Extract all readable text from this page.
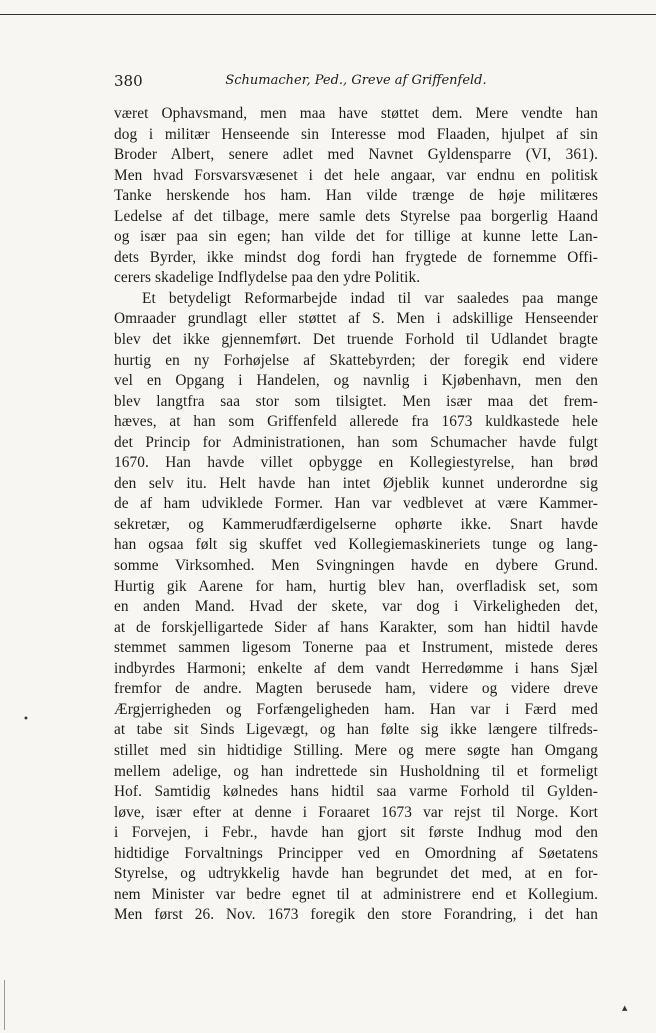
380	Schumacher, Ped., Greve af Griffenfeld.
været Ophavsmand, men maa have støttet dem. Mere vendte han
dog i militær Henseende sin Interesse mod Flaaden, hjulpet af sin
Broder Albert, senere adlet med Navnet Gyldensparre (VI, 361).
Men hvad Forsvarsvæsenet i det hele angaar, var endnu en politisk
Tanke herskende hos ham. Han vilde trænge de høje militæres
Ledelse af det tilbage, mere samle dets Styrelse paa borgerlig Haand
og især paa sin egen; han vilde det for tillige at kunne lette Lan-
dets Byrder, ikke mindst dog fordi han frygtede de fornemme Offi-
cerers skadelige Indflydelse paa den ydre Politik.
Et betydeligt Reformarbejde indad til var saaledes paa mange
Omraader grundlagt eller støttet af S. Men i adskillige Henseender
blev det ikke gjennemført. Det truende Forhold til Udlandet bragte
hurtig en ny Forhøjelse af Skattebyrden; der foregik end videre
vel en Opgang i Handelen, og navnlig i Kjøbenhavn, men den
blev langtfra saa stor som tilsigtet. Men især maa det frem-
hæves, at han som Griffenfeld allerede fra 1673 kuldkastede hele
det Princip for Administrationen, han som Schumacher havde fulgt
1670. Han havde villet opbygge en Kollegiestyrelse, han brød
den selv itu. Helt havde han intet Øjeblik kunnet underordne sig
de af ham udviklede Former. Han var vedblevet at være Kammer-
sekretær, og Kammerudfærdigelserne ophørte ikke. Snart havde
han ogsaa følt sig skuffet ved Kollegiemaskineriets tunge og lang-
somme Virksomhed. Men Svingningen havde en dybere Grund.
Hurtig gik Aarene for ham, hurtig blev han, overfladisk set, som
en anden Mand. Hvad der skete, var dog i Virkeligheden det,
at de forskjelligartede Sider af hans Karakter, som han hidtil havde
stemmet sammen ligesom Tonerne paa et Instrument, mistede deres
indbyrdes Harmoni; enkelte af dem vandt Herredømme i hans Sjæl
fremfor de andre. Magten berusede ham, videre og videre dreve
Ærgjerrigheden og Forfængeligheden ham. Han var i Færd med
at tabe sit Sinds Ligevægt, og han følte sig ikke længere tilfreds-
stillet med sin hidtidige Stilling. Mere og mere søgte han Omgang
mellem adelige, og han indrettede sin Husholdning til et formeligt
Hof. Samtidig kølnedes hans hidtil saa varme Forhold til Gylden-
løve, især efter at denne i Foraaret 1673 var rejst til Norge. Kort
i Forvejen, i Febr., havde han gjort sit første Indhug mod den
hidtidige Forvaltnings Principper ved en Omordning af Søetatens
Styrelse, og udtrykkelig havde han begrundet det med, at en for-
nem Minister var bedre egnet til at administrere end et Kollegium.
Men først 26. Nov. 1673 foregik den store Forandring, i det han
•
▲
